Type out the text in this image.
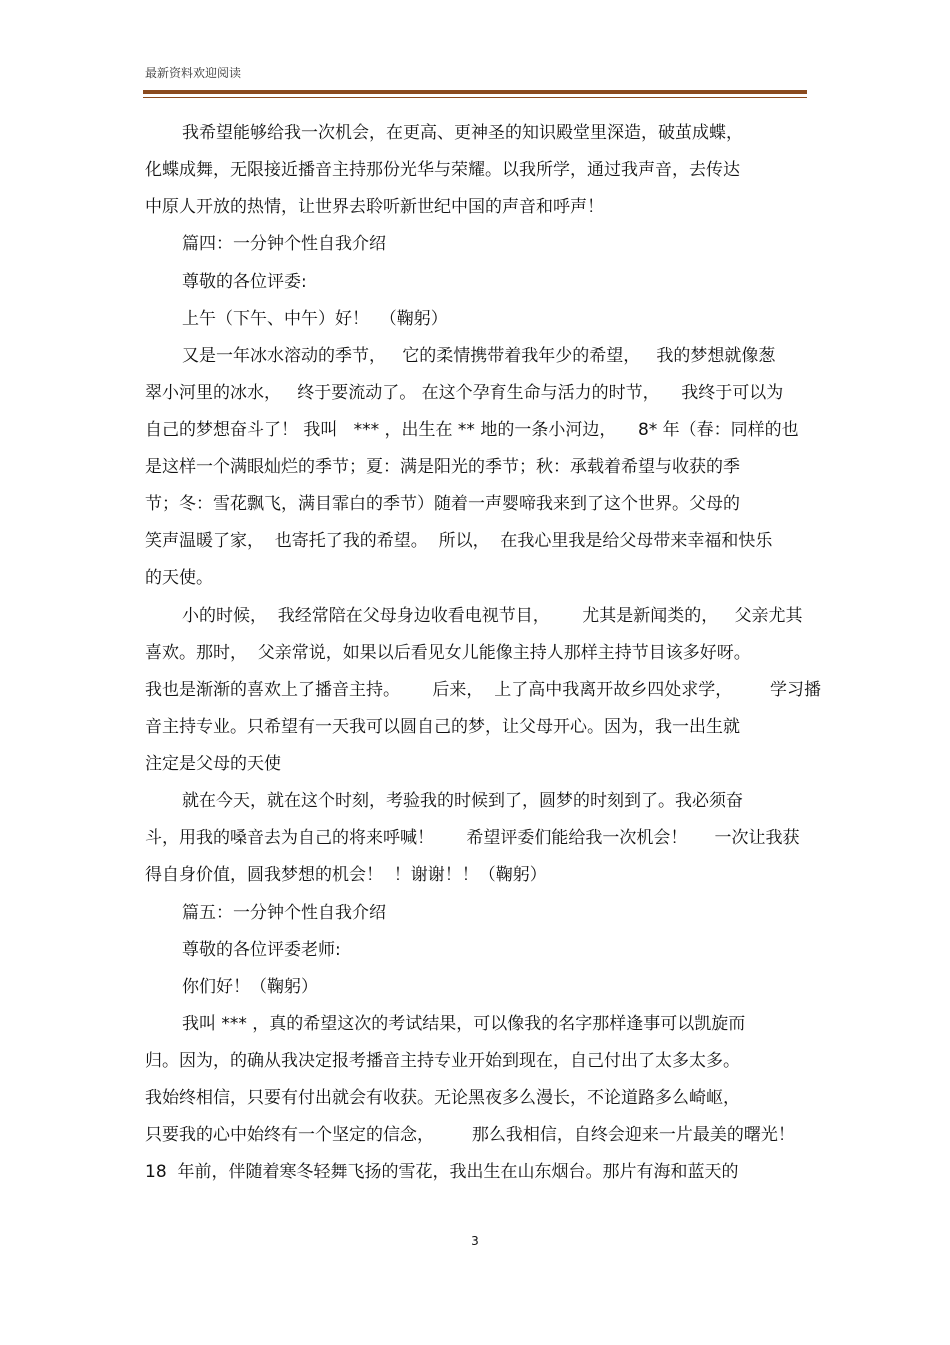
最新资料欢迎阅读
我希望能够给我一次机会，在更高、更神圣的知识殿堂里深造，破茧成蝶，
化蝶成舞，无限接近播音主持那份光华与荣耀。以我所学，通过我声音，去传达
中原人开放的热情，让世界去聆听新世纪中国的声音和呼声！
篇四：一分钟个性自我介绍
尊敬的各位评委:
上午（下午、中午）好！  （鞠躬）
又是一年冰水溶动的季节，   它的柔情携带着我年少的希望，   我的梦想就像葱
翠小河里的冰水，   终于要流动了。 在这个孕育生命与活力的时节，    我终于可以为
自己的梦想奋斗了！ 我叫   *** ，出生在 ** 地的一条小河边，    8* 年（春：同样的也
是这样一个满眼灿烂的季节；夏：满是阳光的季节；秋：承载着希望与收获的季
节；冬：雪花飘飞，满目霏白的季节）随着一声婴啼我来到了这个世界。父母的
笑声温暖了家，  也寄托了我的希望。  所以，  在我心里我是给父母带来幸福和快乐
的天使。
小的时候，  我经常陪在父母身边收看电视节目，      尤其是新闻类的，   父亲尤其
喜欢。那时，  父亲常说，如果以后看见女儿能像主持人那样主持节目该多好呀。
我也是渐渐的喜欢上了播音主持。      后来，  上了高中我离开故乡四处求学，       学习播
音主持专业。只希望有一天我可以圆自己的梦，让父母开心。因为，我一出生就
注定是父母的天使
就在今天，就在这个时刻，考验我的时候到了，圆梦的时刻到了。我必须奋
斗，用我的嗓音去为自己的将来呼喊！      希望评委们能给我一次机会！     一次让我获
得自身价值，圆我梦想的机会！  ！谢谢！！（鞠躬）
篇五：一分钟个性自我介绍
尊敬的各位评委老师:
你们好！（鞠躬）
我叫 *** ，真的希望这次的考试结果，可以像我的名字那样逢事可以凯旋而
归。因为，的确从我决定报考播音主持专业开始到现在，自己付出了太多太多。
我始终相信，只要有付出就会有收获。无论黑夜多么漫长，不论道路多么崎岖，
只要我的心中始终有一个坚定的信念，       那么我相信，自终会迎来一片最美的曙光！
18  年前，伴随着寒冬轻舞飞扬的雪花，我出生在山东烟台。那片有海和蓝天的
3
